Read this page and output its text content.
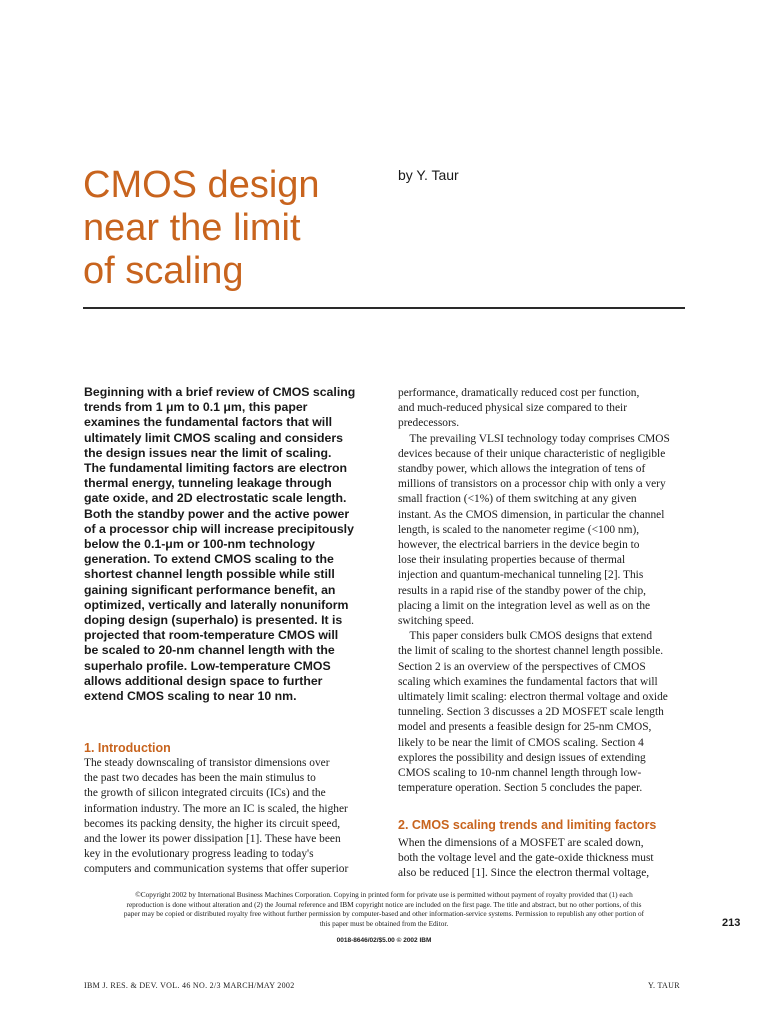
CMOS design
near the limit
of scaling
by Y. Taur
Beginning with a brief review of CMOS scaling
trends from 1 μm to 0.1 μm, this paper
examines the fundamental factors that will
ultimately limit CMOS scaling and considers
the design issues near the limit of scaling.
The fundamental limiting factors are electron
thermal energy, tunneling leakage through
gate oxide, and 2D electrostatic scale length.
Both the standby power and the active power
of a processor chip will increase precipitously
below the 0.1-μm or 100-nm technology
generation. To extend CMOS scaling to the
shortest channel length possible while still
gaining significant performance benefit, an
optimized, vertically and laterally nonuniform
doping design (superhalo) is presented. It is
projected that room-temperature CMOS will
be scaled to 20-nm channel length with the
superhalo profile. Low-temperature CMOS
allows additional design space to further
extend CMOS scaling to near 10 nm.
1. Introduction
The steady downscaling of transistor dimensions over
the past two decades has been the main stimulus to
the growth of silicon integrated circuits (ICs) and the
information industry. The more an IC is scaled, the higher
becomes its packing density, the higher its circuit speed,
and the lower its power dissipation [1]. These have been
key in the evolutionary progress leading to today's
computers and communication systems that offer superior
performance, dramatically reduced cost per function,
and much-reduced physical size compared to their
predecessors.
 The prevailing VLSI technology today comprises CMOS
devices because of their unique characteristic of negligible
standby power, which allows the integration of tens of
millions of transistors on a processor chip with only a very
small fraction (<1%) of them switching at any given
instant. As the CMOS dimension, in particular the channel
length, is scaled to the nanometer regime (<100 nm),
however, the electrical barriers in the device begin to
lose their insulating properties because of thermal
injection and quantum-mechanical tunneling [2]. This
results in a rapid rise of the standby power of the chip,
placing a limit on the integration level as well as on the
switching speed.
 This paper considers bulk CMOS designs that extend
the limit of scaling to the shortest channel length possible.
Section 2 is an overview of the perspectives of CMOS
scaling which examines the fundamental factors that will
ultimately limit scaling: electron thermal voltage and oxide
tunneling. Section 3 discusses a 2D MOSFET scale length
model and presents a feasible design for 25-nm CMOS,
likely to be near the limit of CMOS scaling. Section 4
explores the possibility and design issues of extending
CMOS scaling to 10-nm channel length through low-
temperature operation. Section 5 concludes the paper.
2. CMOS scaling trends and limiting factors
When the dimensions of a MOSFET are scaled down,
both the voltage level and the gate-oxide thickness must
also be reduced [1]. Since the electron thermal voltage,
©Copyright 2002 by International Business Machines Corporation. Copying in printed form for private use is permitted without payment of royalty provided that (1) each
reproduction is done without alteration and (2) the Journal reference and IBM copyright notice are included on the first page. The title and abstract, but no other portions, of this
paper may be copied or distributed royalty free without further permission by computer-based and other information-service systems. Permission to republish any other portion of
this paper must be obtained from the Editor.
0018-8646/02/$5.00 © 2002 IBM
213
IBM J. RES. & DEV. VOL. 46 NO. 2/3 MARCH/MAY 2002	Y. TAUR
